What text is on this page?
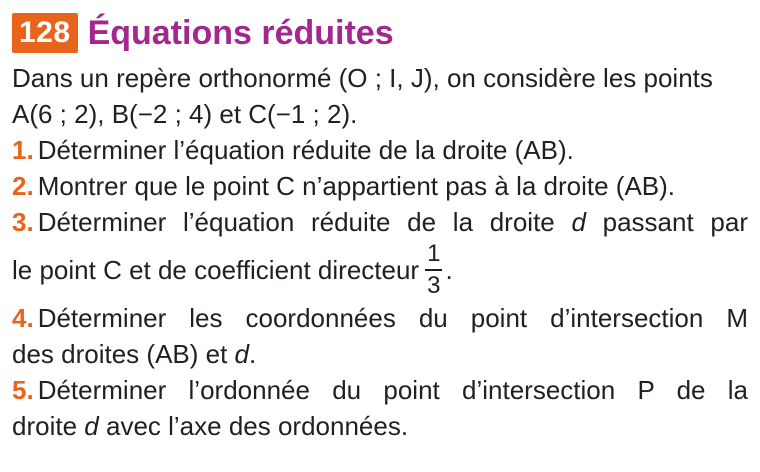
128 Équations réduites
Dans un repère orthonormé (O ; I, J), on considère les points
A(6 ; 2), B(−2 ; 4) et C(−1 ; 2).
1. Déterminer l’équation réduite de la droite (AB).
2. Montrer que le point C n’appartient pas à la droite (AB).
3. Déterminer l’équation réduite de la droite d passant par
le point C et de coefficient directeur $\frac{1}{3}$ .
4. Déterminer les coordonnées du point d’intersection M
des droites (AB) et d.
5. Déterminer l’ordonnée du point d’intersection P de la
droite d avec l’axe des ordonnées.
